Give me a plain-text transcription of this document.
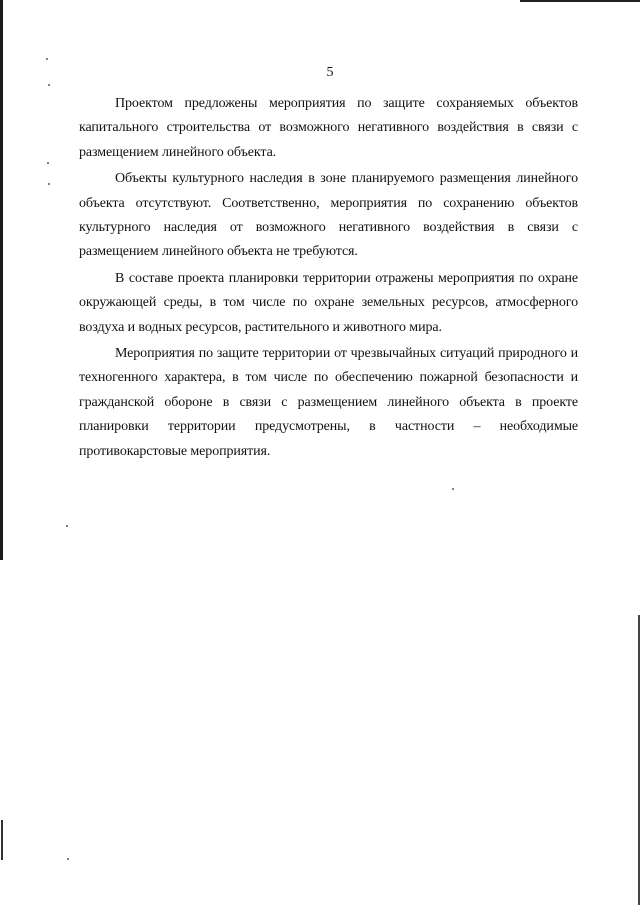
5

Проектом предложены мероприятия по защите сохраняемых объектов капитального строительства от возможного негативного воздействия в связи с размещением линейного объекта.

Объекты культурного наследия в зоне планируемого размещения линейного объекта отсутствуют. Соответственно, мероприятия по сохранению объектов культурного наследия от возможного негативного воздействия в связи с размещением линейного объекта не требуются.

В составе проекта планировки территории отражены мероприятия по охране окружающей среды, в том числе по охране земельных ресурсов, атмосферного воздуха и водных ресурсов, растительного и животного мира.

Мероприятия по защите территории от чрезвычайных ситуаций природного и техногенного характера, в том числе по обеспечению пожарной безопасности и гражданской обороне в связи с размещением линейного объекта в проекте планировки территории предусмотрены, в частности – необходимые противокарстовые мероприятия.
